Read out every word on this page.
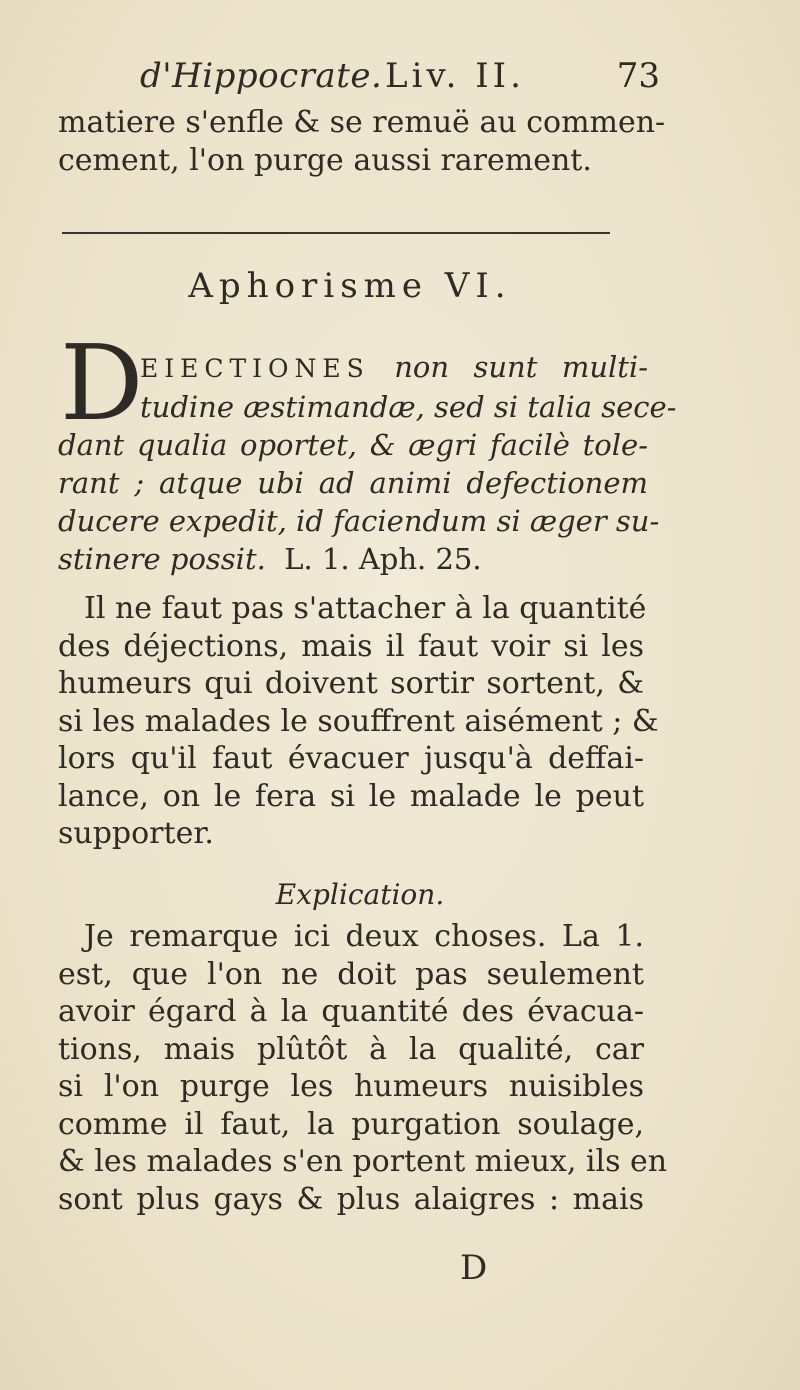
d'Hippocrate. Liv. II.	73
matiere s'enfle & se remuë au commen-
cement, l'on purge aussi rarement.
Aphorisme VI.
D
EIECTIONES non sunt multi-
tudine æstimandæ, sed si talia sece-
dant qualia oportet, & ægri facilè tole-
rant ; atque ubi ad animi defectionem
ducere expedit, id faciendum si æger su-
stinere possit. L. 1. Aph. 25.
Il ne faut pas s'attacher à la quantité
des déjections, mais il faut voir si les
humeurs qui doivent sortir sortent, &
si les malades le souffrent aisément ; &
lors qu'il faut évacuer jusqu'à deffai-
lance, on le fera si le malade le peut
supporter.
Explication.
Je remarque ici deux choses. La 1.
est, que l'on ne doit pas seulement
avoir égard à la quantité des évacua-
tions, mais plûtôt à la qualité, car
si l'on purge les humeurs nuisibles
comme il faut, la purgation soulage,
& les malades s'en portent mieux, ils en
sont plus gays & plus alaigres : mais
D
